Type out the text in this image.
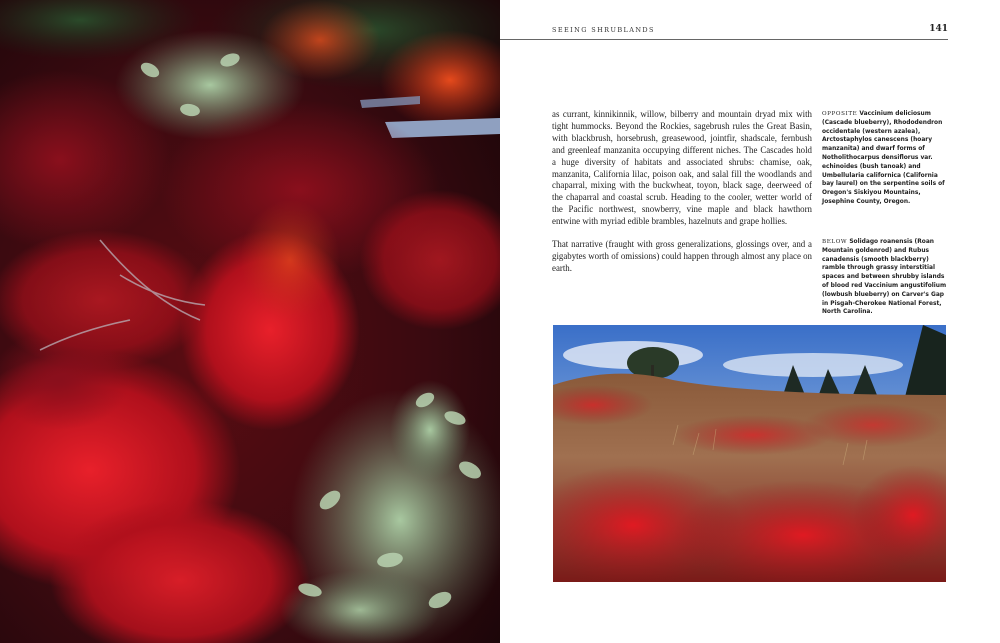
SEEING SHRUBLANDS	141

as currant, kinnikinnik, willow, bilberry and mountain dryad mix with tight hummocks. Beyond the Rockies, sagebrush rules the Great Basin, with blackbrush, horsebrush, greasewood, jointfir, shadscale, fernbush and greenleaf manzanita occupying different niches. The Cascades hold a huge diversity of habitats and associated shrubs: chamise, oak, manzanita, California lilac, poison oak, and salal fill the woodlands and chaparral, mixing with the buckwheat, toyon, black sage, deerweed of the chaparral and coastal scrub. Heading to the cooler, wetter world of the Pacific northwest, snowberry, vine maple and black hawthorn entwine with myriad edible brambles, hazelnuts and grape hollies.

That narrative (fraught with gross generalizations, glossings over, and a gigabytes worth of omissions) could happen through almost any place on earth.

OPPOSITE Vaccinium deliciosum (Cascade blueberry), Rhododendron occidentale (western azalea), Arctostaphylos canescens (hoary manzanita) and dwarf forms of Notholithocarpus densiflorus var. echinoides (bush tanoak) and Umbellularia californica (California bay laurel) on the serpentine soils of Oregon's Siskiyou Mountains, Josephine County, Oregon.
BELOW Solidago roanensis (Roan Mountain goldenrod) and Rubus canadensis (smooth blackberry) ramble through grassy interstitial spaces and between shrubby islands of blood red Vaccinium angustifolium (lowbush blueberry) on Carver's Gap in Pisgah-Cherokee National Forest, North Carolina.
